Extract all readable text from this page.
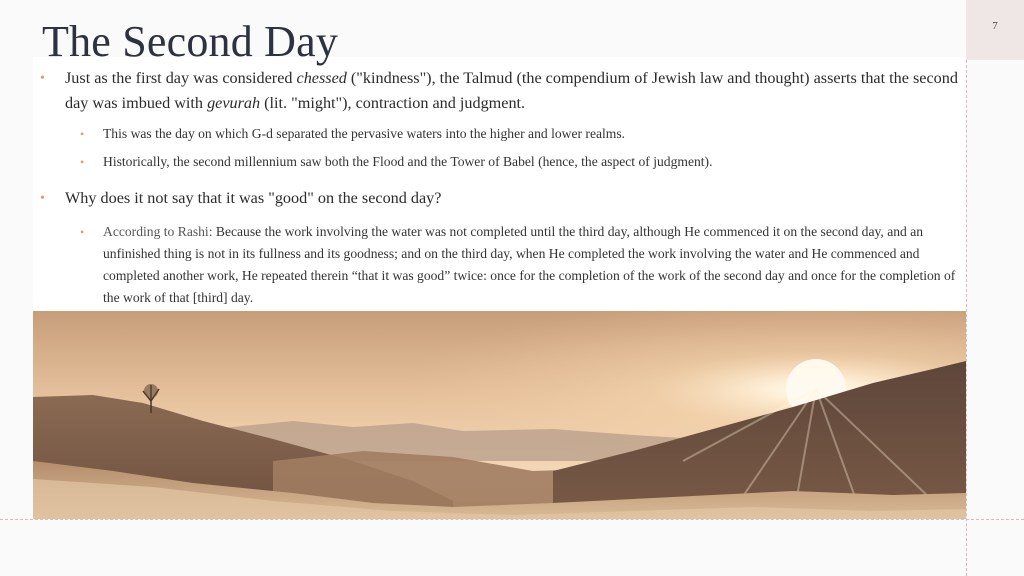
7
The Second Day
• Just as the first day was considered chessed ("kindness"), the Talmud (the compendium of Jewish law and thought) asserts that the second day was imbued with gevurah (lit. "might"), contraction and judgment.
• This was the day on which G-d separated the pervasive waters into the higher and lower realms.
• Historically, the second millennium saw both the Flood and the Tower of Babel (hence, the aspect of judgment).
• Why does it not say that it was "good" on the second day?
• According to Rashi: Because the work involving the water was not completed until the third day, although He commenced it on the second day, and an unfinished thing is not in its fullness and its goodness; and on the third day, when He completed the work involving the water and He commenced and completed another work, He repeated therein “that it was good” twice: once for the completion of the work of the second day and once for the completion of the work of that [third] day.
